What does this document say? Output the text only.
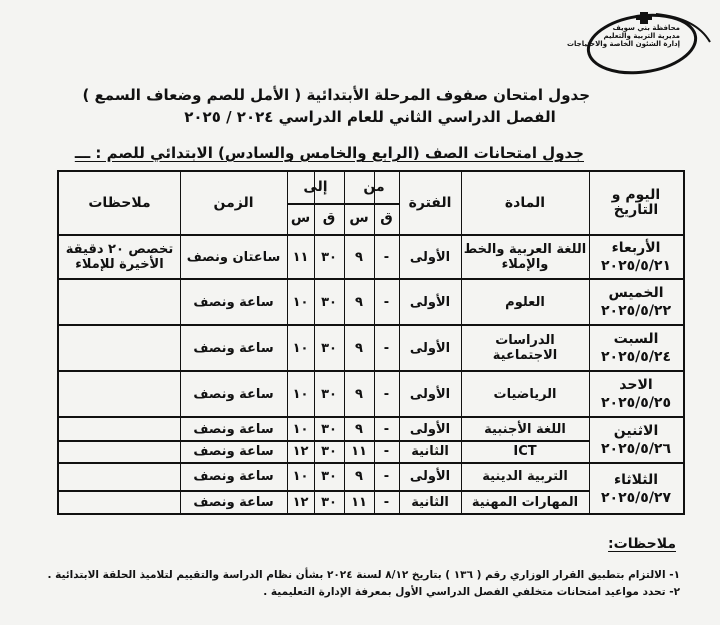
محافظة بني سويف
مديرية التربية والتعليم
إدارة الشئون الخاصة والاحتياجات
جدول امتحان صفوف المرحلة الأبتدائية ( الأمل للصم وضعاف السمع )
الفصل الدراسي الثاني للعام الدراسي ٢٠٢٤ / ٢٠٢٥
جدول امتحانات الصف (الرابع والخامس والسادس) الابتدائي للصم : ـــ
اليوم و التاريخ
المادة
الفترة
من
إلى
ق
س
ق
س
الزمن
ملاحظات
الأربعاء
٢٠٢٥/٥/٢١
اللغة العربية والخط والإملاء
الأولى
-
٩
٣٠
١١
ساعتان ونصف
تخصص ٢٠ دقيقة الأخيرة للإملاء
الخميس
٢٠٢٥/٥/٢٢
العلوم
الأولى
-
٩
٣٠
١٠
ساعة ونصف
السبت
٢٠٢٥/٥/٢٤
الدراسات الاجتماعية
الأولى
-
٩
٣٠
١٠
ساعة ونصف
الاحد
٢٠٢٥/٥/٢٥
الرياضيات
الأولى
-
٩
٣٠
١٠
ساعة ونصف
الاثنين
٢٠٢٥/٥/٢٦
اللغة الأجنبية
الأولى
-
٩
٣٠
١٠
ساعة ونصف
ICT
الثانية
-
١١
٣٠
١٢
ساعة ونصف
الثلاثاء
٢٠٢٥/٥/٢٧
التربية الدينية
الأولى
-
٩
٣٠
١٠
ساعة ونصف
المهارات المهنية
الثانية
-
١١
٣٠
١٢
ساعة ونصف
ملاحظات:
١- الالتزام بتطبيق القرار الوزاري رقم ( ١٣٦ ) بتاريخ ٨/١٢ لسنة ٢٠٢٤ بشأن نظام الدراسة والتقييم لتلاميذ الحلقة الابتدائية .
٢- تحدد مواعيد امتحانات متخلفي الفصل الدراسي الأول بمعرفة الإدارة التعليمية .
